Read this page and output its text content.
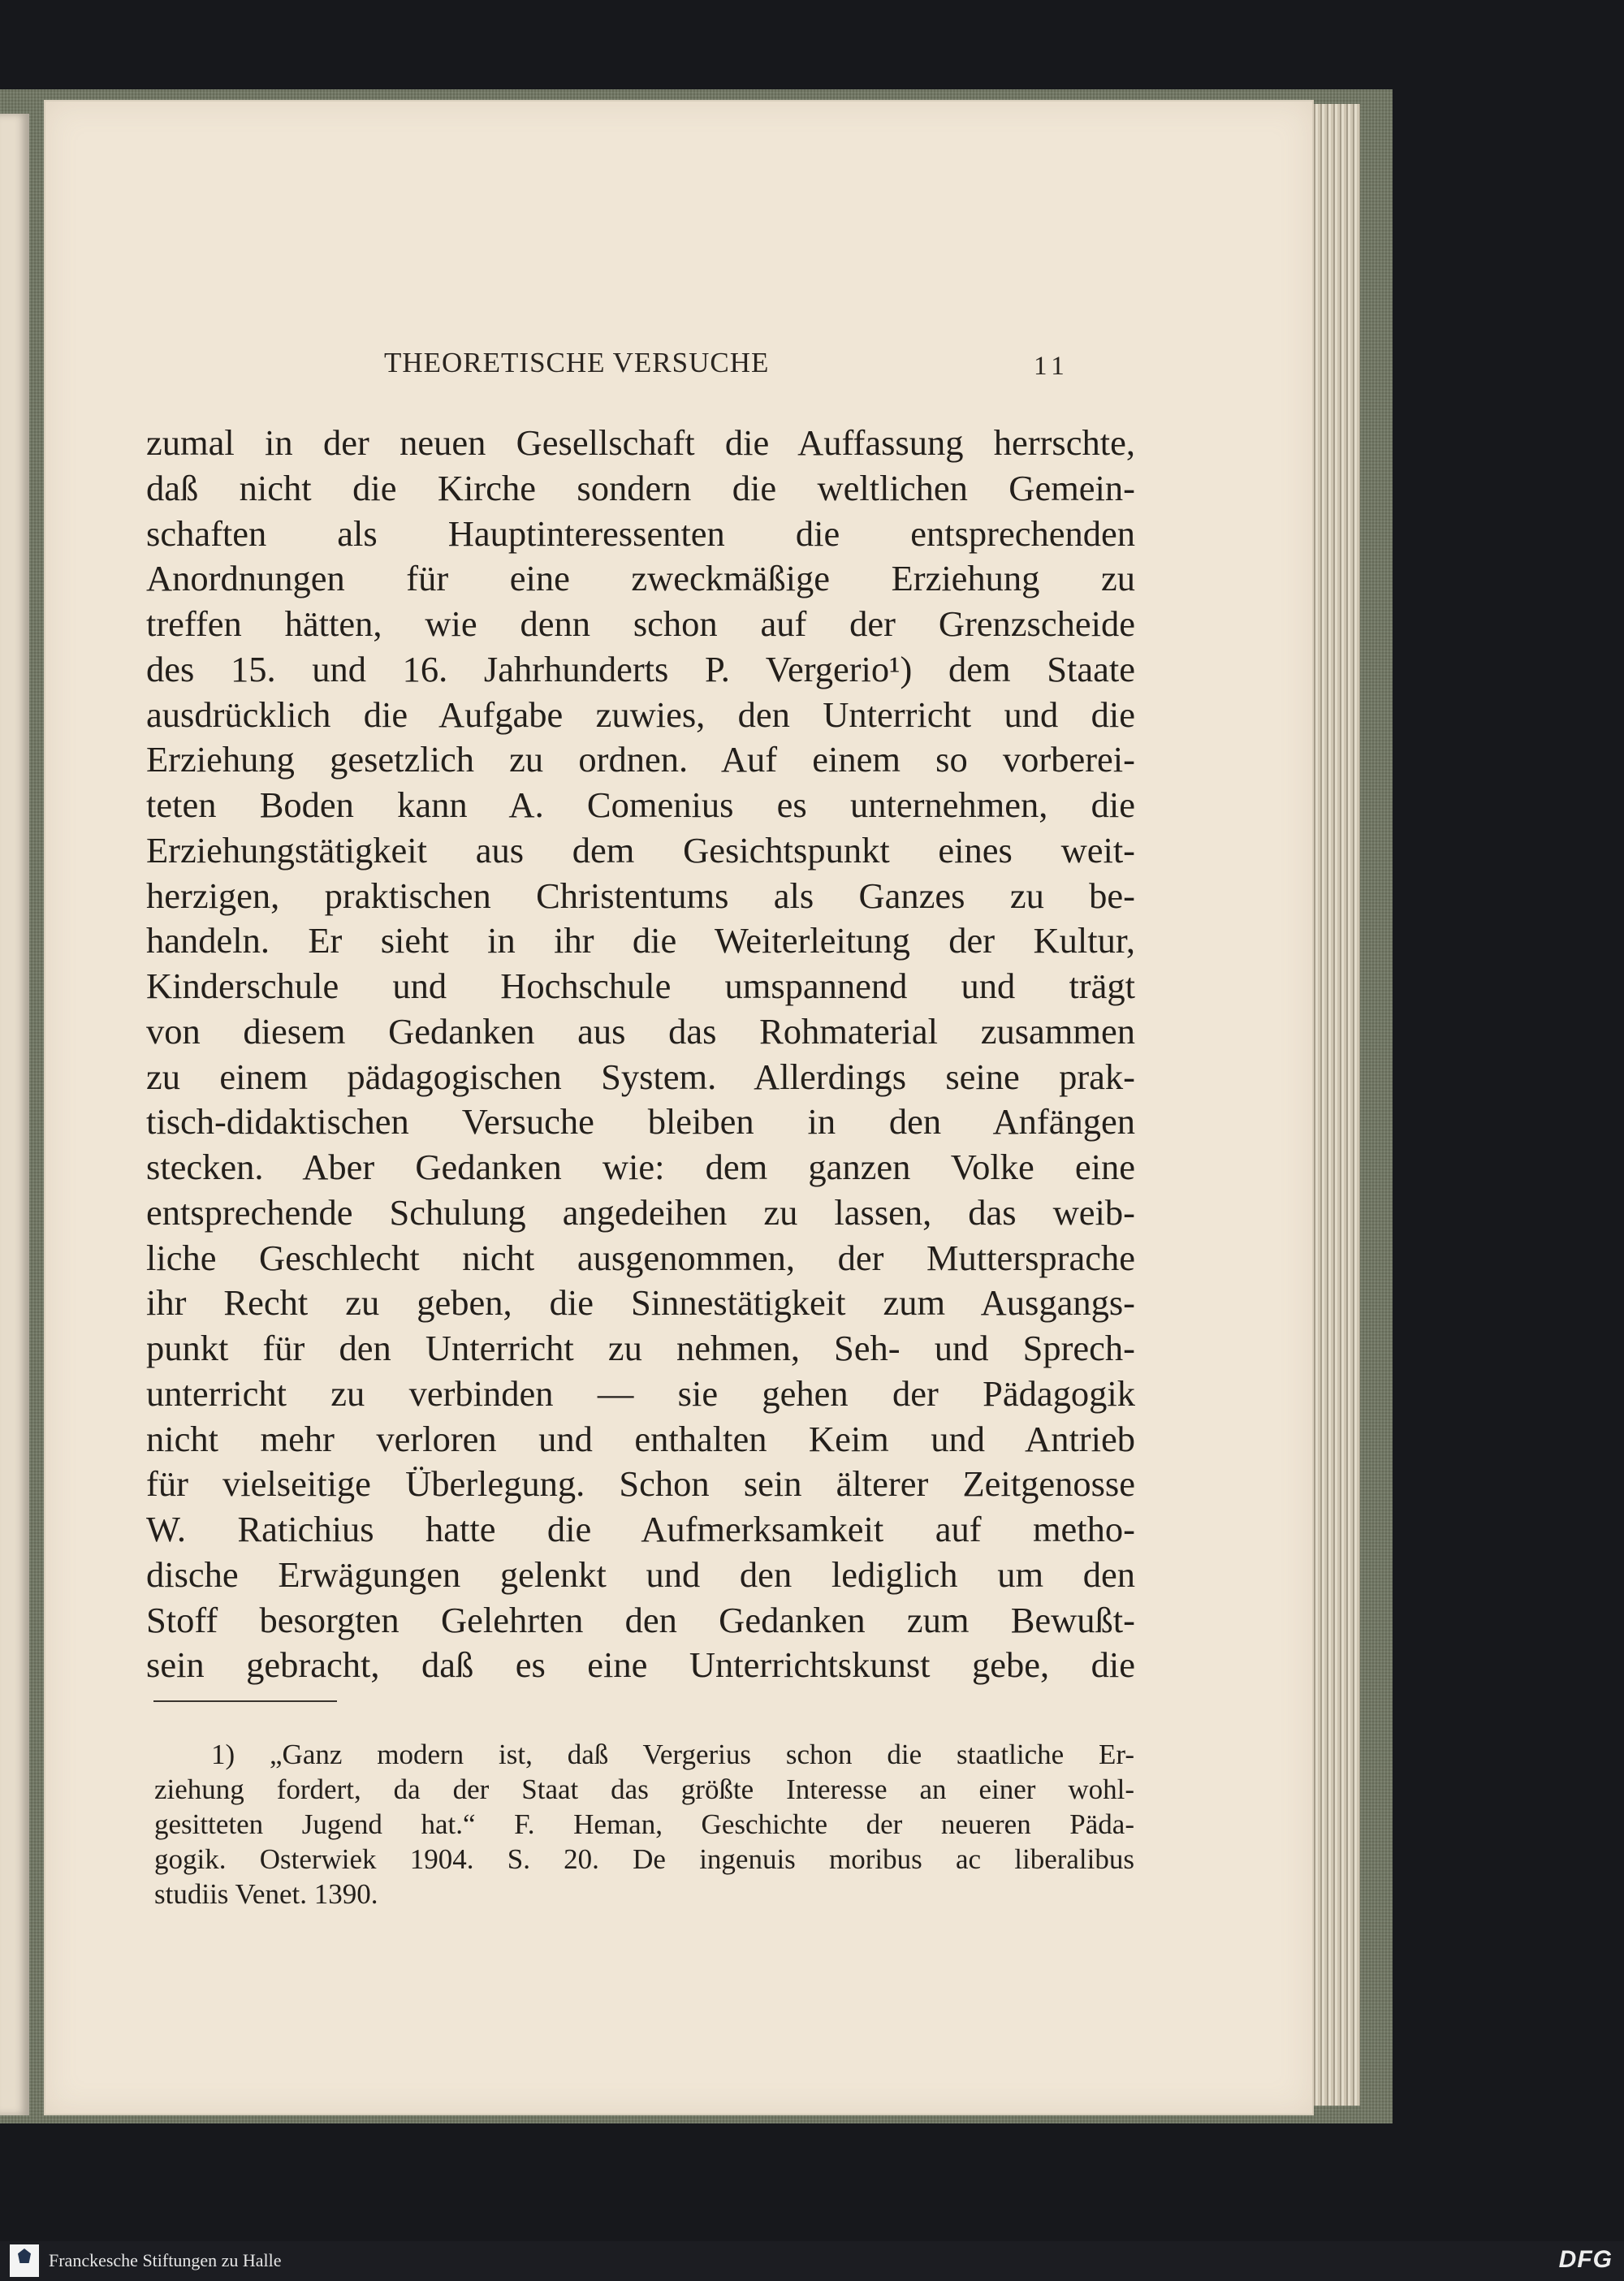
THEORETISCHE VERSUCHE	11
zumal in der neuen Gesellschaft die Auffassung herrschte,
daß nicht die Kirche sondern die weltlichen Gemein-
schaften als Hauptinteressenten die entsprechenden
Anordnungen für eine zweckmäßige Erziehung zu
treffen hätten, wie denn schon auf der Grenzscheide
des 15. und 16. Jahrhunderts P. Vergerio¹) dem Staate
ausdrücklich die Aufgabe zuwies, den Unterricht und die
Erziehung gesetzlich zu ordnen. Auf einem so vorberei-
teten Boden kann A. Comenius es unternehmen, die
Erziehungstätigkeit aus dem Gesichtspunkt eines weit-
herzigen, praktischen Christentums als Ganzes zu be-
handeln. Er sieht in ihr die Weiterleitung der Kultur,
Kinderschule und Hochschule umspannend und trägt
von diesem Gedanken aus das Rohmaterial zusammen
zu einem pädagogischen System. Allerdings seine prak-
tisch-didaktischen Versuche bleiben in den Anfängen
stecken. Aber Gedanken wie: dem ganzen Volke eine
entsprechende Schulung angedeihen zu lassen, das weib-
liche Geschlecht nicht ausgenommen, der Muttersprache
ihr Recht zu geben, die Sinnestätigkeit zum Ausgangs-
punkt für den Unterricht zu nehmen, Seh- und Sprech-
unterricht zu verbinden — sie gehen der Pädagogik
nicht mehr verloren und enthalten Keim und Antrieb
für vielseitige Überlegung. Schon sein älterer Zeitgenosse
W. Ratichius hatte die Aufmerksamkeit auf metho-
dische Erwägungen gelenkt und den lediglich um den
Stoff besorgten Gelehrten den Gedanken zum Bewußt-
sein gebracht, daß es eine Unterrichtskunst gebe, die
1) „Ganz modern ist, daß Vergerius schon die staatliche Er-
ziehung fordert, da der Staat das größte Interesse an einer wohl-
gesitteten Jugend hat.“ F. Heman, Geschichte der neueren Päda-
gogik. Osterwiek 1904. S. 20. De ingenuis moribus ac liberalibus
studiis Venet. 1390.
Franckesche Stiftungen zu Halle	DFG
